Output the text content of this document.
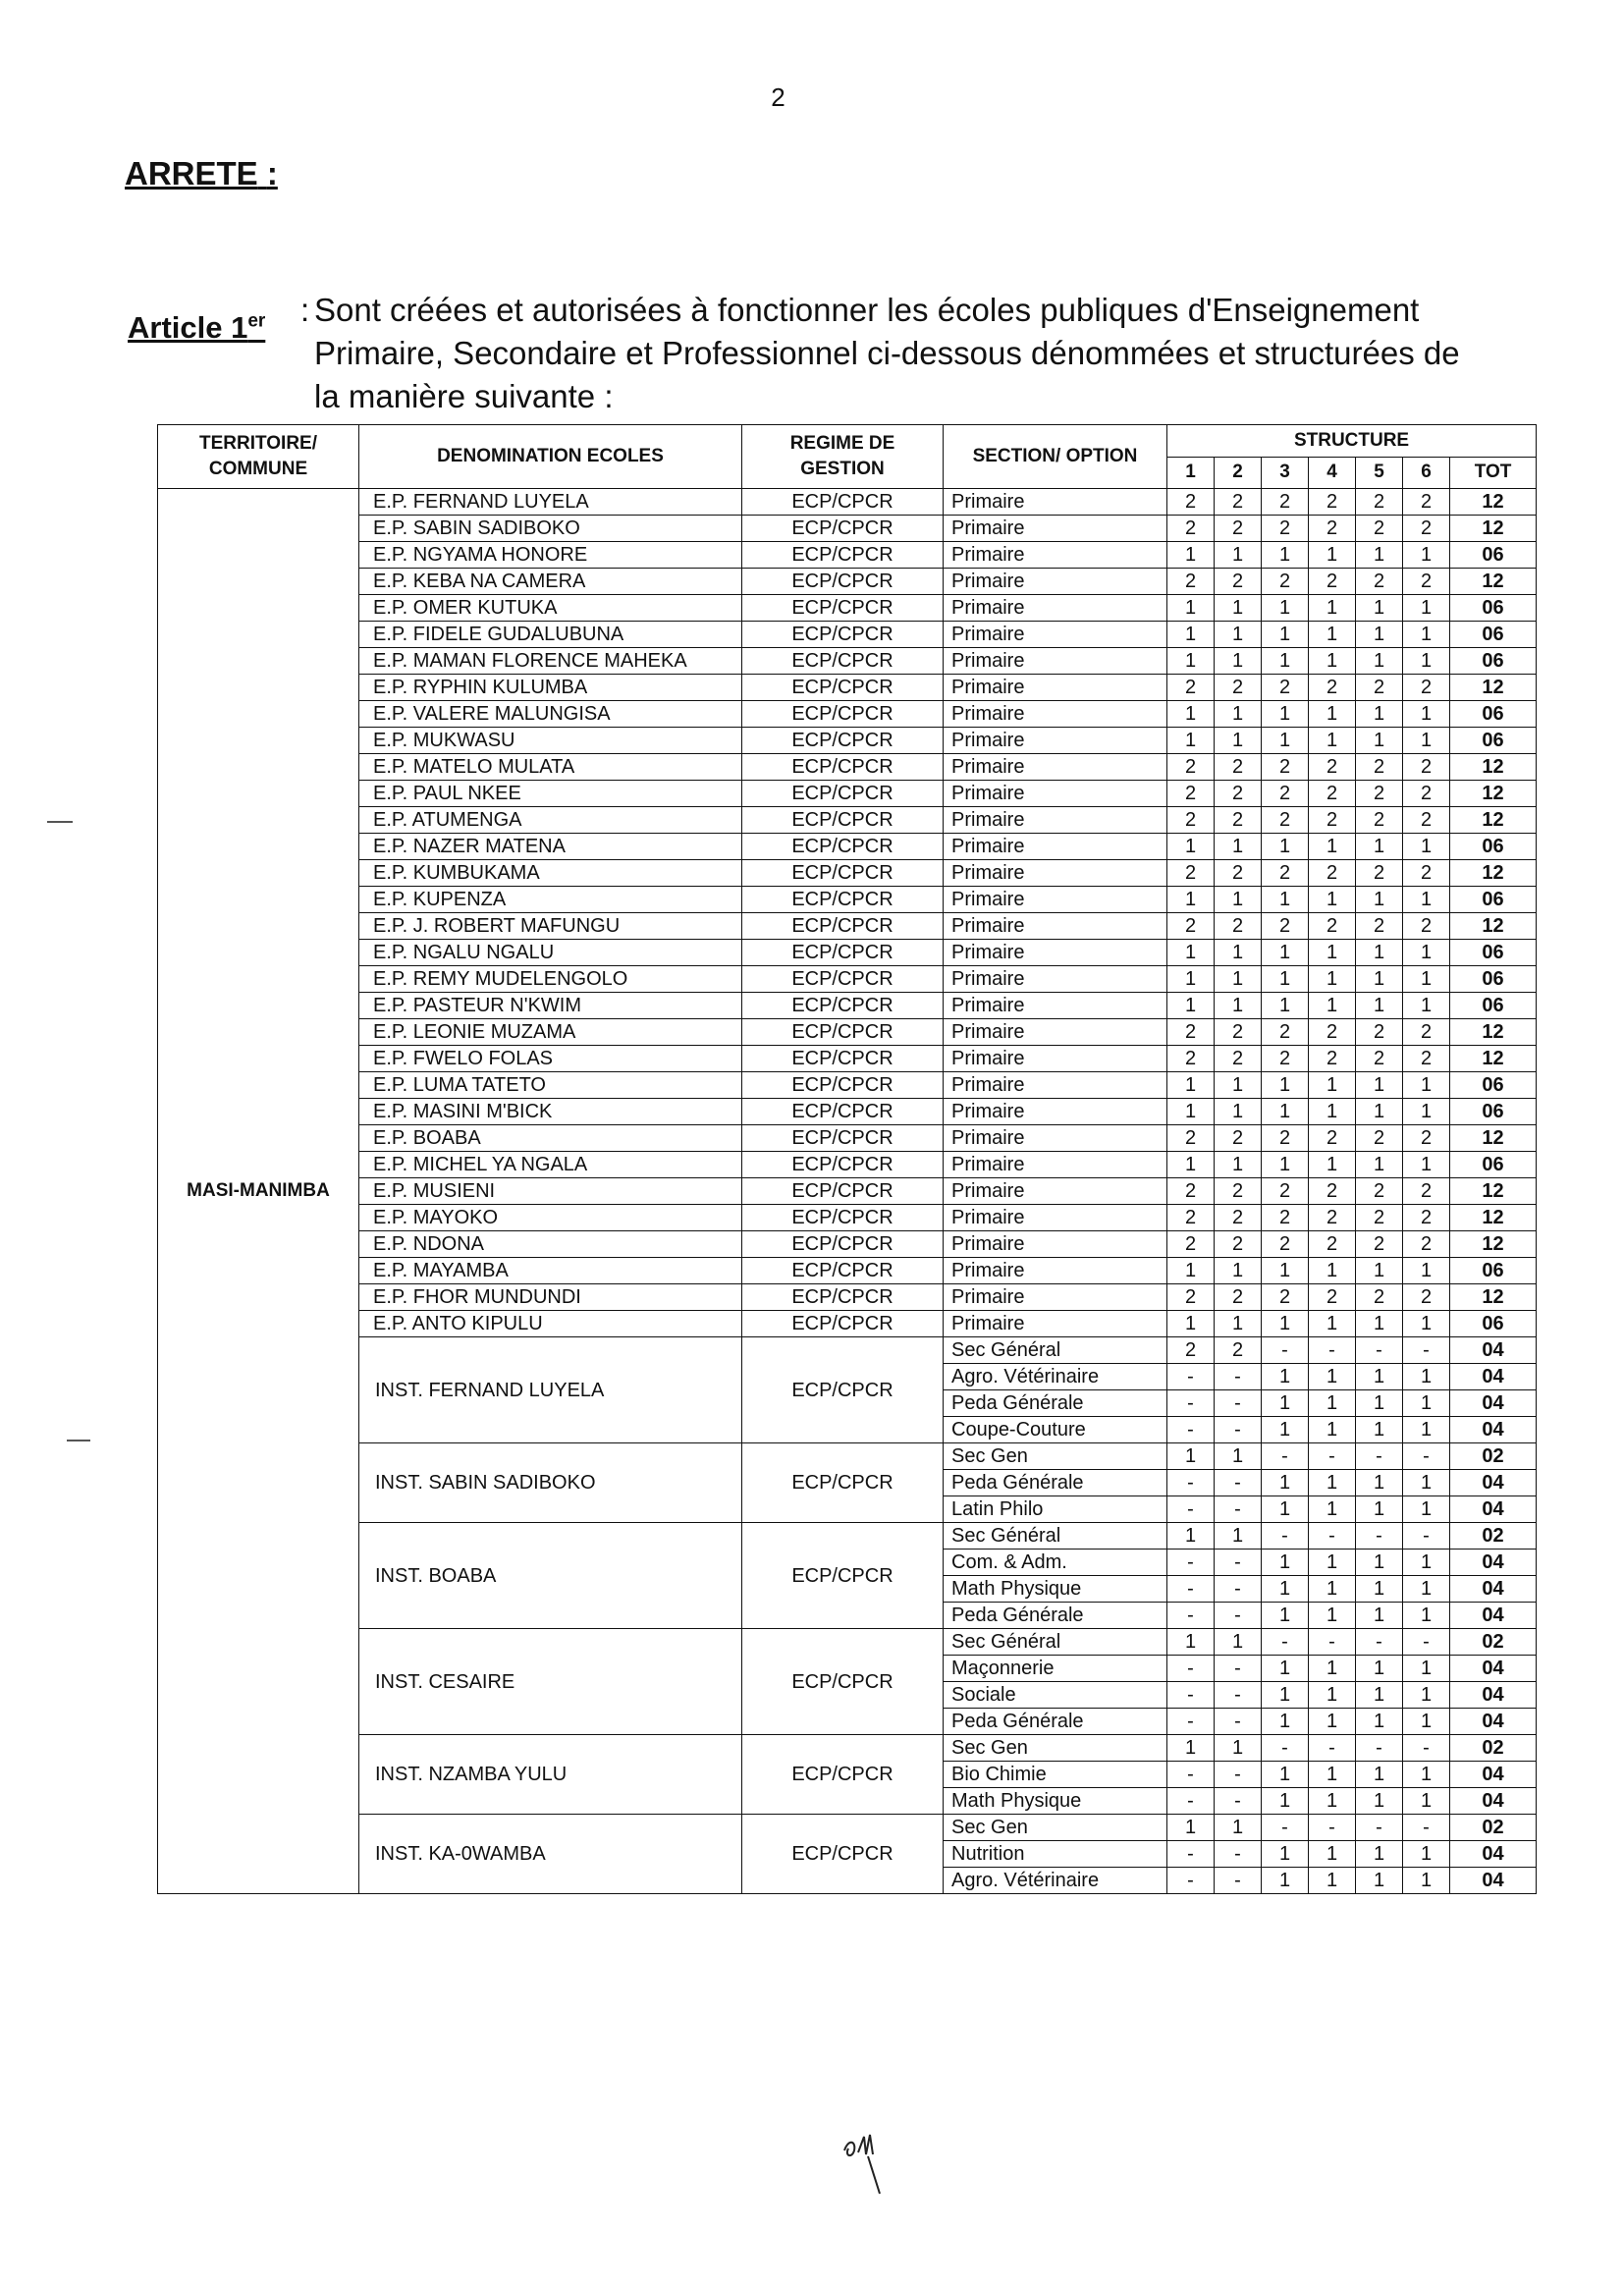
2
ARRETE :
Article 1er : Sont créées et autorisées à fonctionner les écoles publiques d'Enseignement Primaire, Secondaire et Professionnel ci-dessous dénommées et structurées de la manière suivante :
TERRITOIRE/ COMMUNE	DENOMINATION ECOLES	REGIME DE GESTION	SECTION/ OPTION	STRUCTURE						
				1	2	3	4	5	6	TOT
MASI-MANIMBA	E.P. FERNAND LUYELA	ECP/CPCR	Primaire	2	2	2	2	2	2	12
	E.P. SABIN SADIBOKO	ECP/CPCR	Primaire	2	2	2	2	2	2	12
	E.P. NGYAMA HONORE	ECP/CPCR	Primaire	1	1	1	1	1	1	06
	E.P. KEBA NA CAMERA	ECP/CPCR	Primaire	2	2	2	2	2	2	12
	E.P. OMER KUTUKA	ECP/CPCR	Primaire	1	1	1	1	1	1	06
	E.P. FIDELE GUDALUBUNA	ECP/CPCR	Primaire	1	1	1	1	1	1	06
	E.P. MAMAN FLORENCE MAHEKA	ECP/CPCR	Primaire	1	1	1	1	1	1	06
	E.P. RYPHIN KULUMBA	ECP/CPCR	Primaire	2	2	2	2	2	2	12
	E.P. VALERE MALUNGISA	ECP/CPCR	Primaire	1	1	1	1	1	1	06
	E.P. MUKWASU	ECP/CPCR	Primaire	1	1	1	1	1	1	06
	E.P. MATELO MULATA	ECP/CPCR	Primaire	2	2	2	2	2	2	12
	E.P. PAUL NKEE	ECP/CPCR	Primaire	2	2	2	2	2	2	12
	E.P. ATUMENGA	ECP/CPCR	Primaire	2	2	2	2	2	2	12
	E.P. NAZER MATENA	ECP/CPCR	Primaire	1	1	1	1	1	1	06
	E.P. KUMBUKAMA	ECP/CPCR	Primaire	2	2	2	2	2	2	12
	E.P. KUPENZA	ECP/CPCR	Primaire	1	1	1	1	1	1	06
	E.P. J. ROBERT MAFUNGU	ECP/CPCR	Primaire	2	2	2	2	2	2	12
	E.P. NGALU NGALU	ECP/CPCR	Primaire	1	1	1	1	1	1	06
	E.P. REMY MUDELENGOLO	ECP/CPCR	Primaire	1	1	1	1	1	1	06
	E.P. PASTEUR N'KWIM	ECP/CPCR	Primaire	1	1	1	1	1	1	06
	E.P. LEONIE MUZAMA	ECP/CPCR	Primaire	2	2	2	2	2	2	12
	E.P. FWELO FOLAS	ECP/CPCR	Primaire	2	2	2	2	2	2	12
	E.P. LUMA TATETO	ECP/CPCR	Primaire	1	1	1	1	1	1	06
	E.P. MASINI M'BICK	ECP/CPCR	Primaire	1	1	1	1	1	1	06
	E.P. BOABA	ECP/CPCR	Primaire	2	2	2	2	2	2	12
	E.P. MICHEL YA NGALA	ECP/CPCR	Primaire	1	1	1	1	1	1	06
	E.P. MUSIENI	ECP/CPCR	Primaire	2	2	2	2	2	2	12
	E.P. MAYOKO	ECP/CPCR	Primaire	2	2	2	2	2	2	12
	E.P. NDONA	ECP/CPCR	Primaire	2	2	2	2	2	2	12
	E.P. MAYAMBA	ECP/CPCR	Primaire	1	1	1	1	1	1	06
	E.P. FHOR MUNDUNDI	ECP/CPCR	Primaire	2	2	2	2	2	2	12
	E.P. ANTO KIPULU	ECP/CPCR	Primaire	1	1	1	1	1	1	06
	INST. FERNAND LUYELA	ECP/CPCR	Sec Général	2	2	-	-	-	-	04
			Agro. Vétérinaire	-	-	1	1	1	1	04
			Peda Générale	-	-	1	1	1	1	04
			Coupe-Couture	-	-	1	1	1	1	04
	INST. SABIN SADIBOKO	ECP/CPCR	Sec Gen	1	1	-	-	-	-	02
			Peda Générale	-	-	1	1	1	1	04
			Latin Philo	-	-	1	1	1	1	04
	INST. BOABA	ECP/CPCR	Sec Général	1	1	-	-	-	-	02
			Com. & Adm.	-	-	1	1	1	1	04
			Math Physique	-	-	1	1	1	1	04
			Peda Générale	-	-	1	1	1	1	04
	INST. CESAIRE	ECP/CPCR	Sec Général	1	1	-	-	-	-	02
			Maçonnerie	-	-	1	1	1	1	04
			Sociale	-	-	1	1	1	1	04
			Peda Générale	-	-	1	1	1	1	04
	INST. NZAMBA YULU	ECP/CPCR	Sec Gen	1	1	-	-	-	-	02
			Bio Chimie	-	-	1	1	1	1	04
			Math Physique	-	-	1	1	1	1	04
	INST. KA-0WAMBA	ECP/CPCR	Sec Gen	1	1	-	-	-	-	02
			Nutrition	-	-	1	1	1	1	04
			Agro. Vétérinaire	-	-	1	1	1	1	04
